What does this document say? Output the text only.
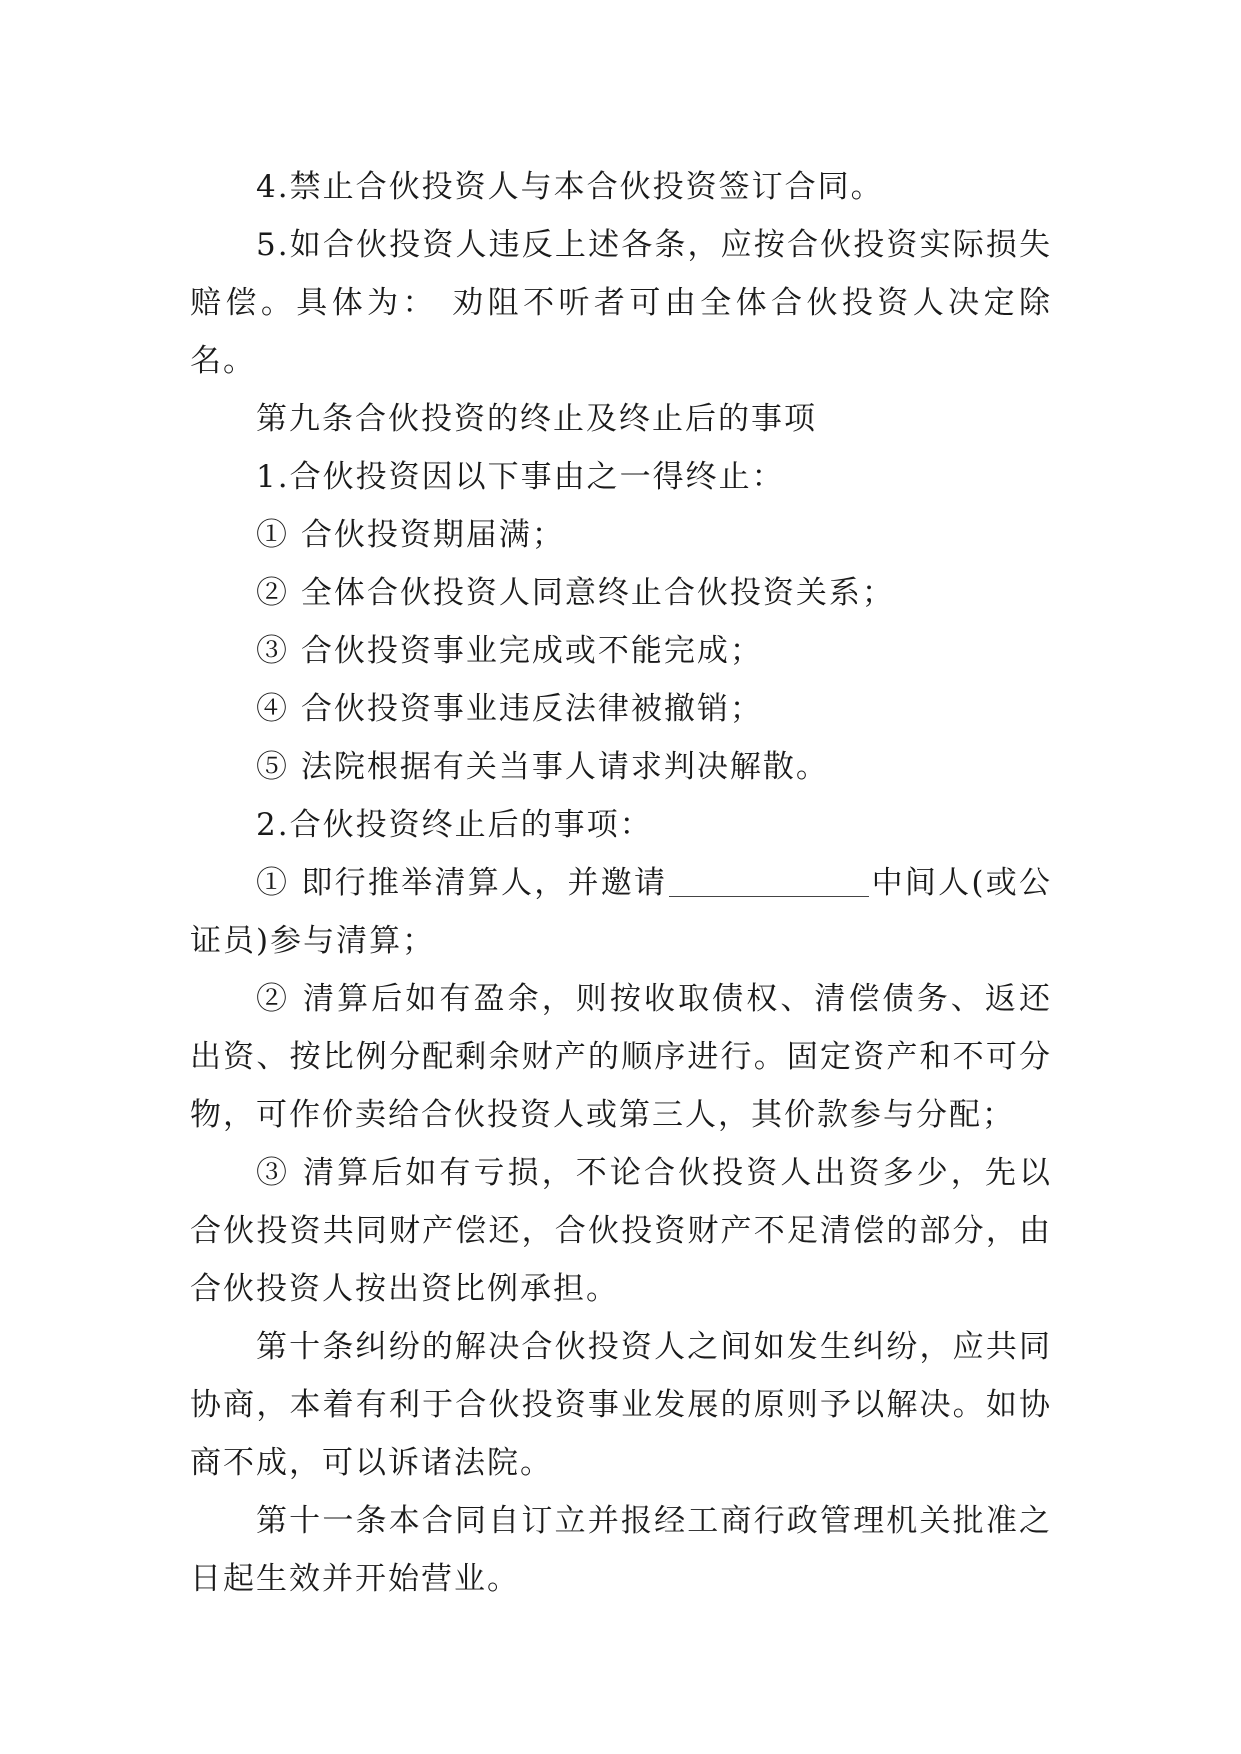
4.禁止合伙投资人与本合伙投资签订合同。

5.如合伙投资人违反上述各条，应按合伙投资实际损失赔偿。具体为： 劝阻不听者可由全体合伙投资人决定除名。

第九条合伙投资的终止及终止后的事项

1.合伙投资因以下事由之一得终止：

① 合伙投资期届满；

② 全体合伙投资人同意终止合伙投资关系；

③ 合伙投资事业完成或不能完成；

④ 合伙投资事业违反法律被撤销；

⑤ 法院根据有关当事人请求判决解散。

2.合伙投资终止后的事项：

① 即行推举清算人，并邀请	中间人(或公证员)参与清算；

② 清算后如有盈余，则按收取债权、清偿债务、返还出资、按比例分配剩余财产的顺序进行。固定资产和不可分物，可作价卖给合伙投资人或第三人，其价款参与分配；

③ 清算后如有亏损，不论合伙投资人出资多少，先以合伙投资共同财产偿还，合伙投资财产不足清偿的部分，由合伙投资人按出资比例承担。

第十条纠纷的解决合伙投资人之间如发生纠纷，应共同协商，本着有利于合伙投资事业发展的原则予以解决。如协商不成，可以诉诸法院。

第十一条本合同自订立并报经工商行政管理机关批准之日起生效并开始营业。
